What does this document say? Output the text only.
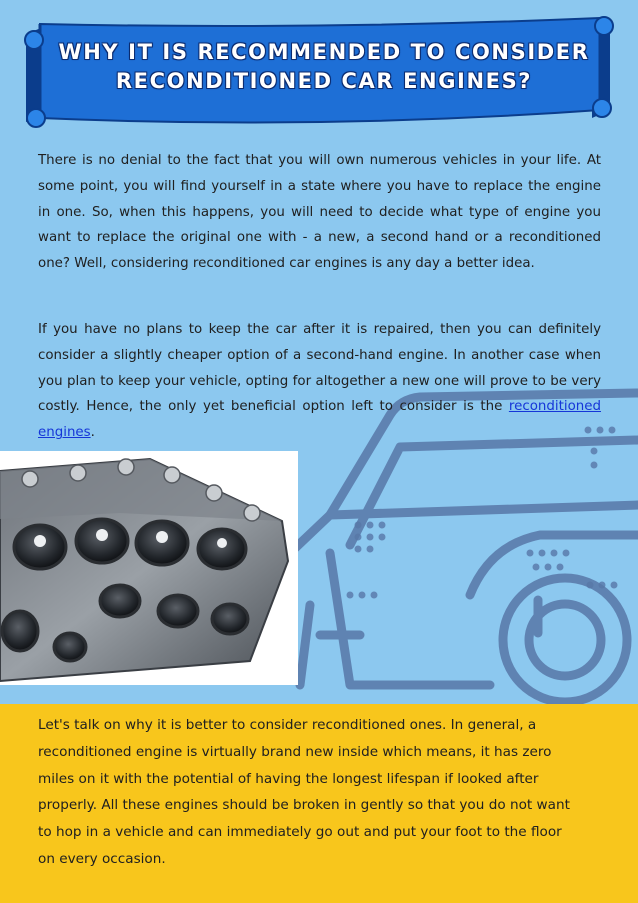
WHY IT IS RECOMMENDED TO CONSIDER RECONDITIONED CAR ENGINES?

There is no denial to the fact that you will own numerous vehicles in your life. At some point, you will find yourself in a state where you have to replace the engine in one. So, when this happens, you will need to decide what type of engine you want to replace the original one with - a new, a second hand or a reconditioned one? Well, considering reconditioned car engines is any day a better idea.

If you have no plans to keep the car after it is repaired, then you can definitely consider a slightly cheaper option of a second-hand engine. In another case when you plan to keep your vehicle, opting for altogether a new one will prove to be very costly. Hence, the only yet beneficial option left to consider is the reconditioned engines.

Let's talk on why it is better to consider reconditioned ones. In general, a reconditioned engine is virtually brand new inside which means, it has zero miles on it with the potential of having the longest lifespan if looked after properly. All these engines should be broken in gently so that you do not want to hop in a vehicle and can immediately go out and put your foot to the floor on every occasion.
